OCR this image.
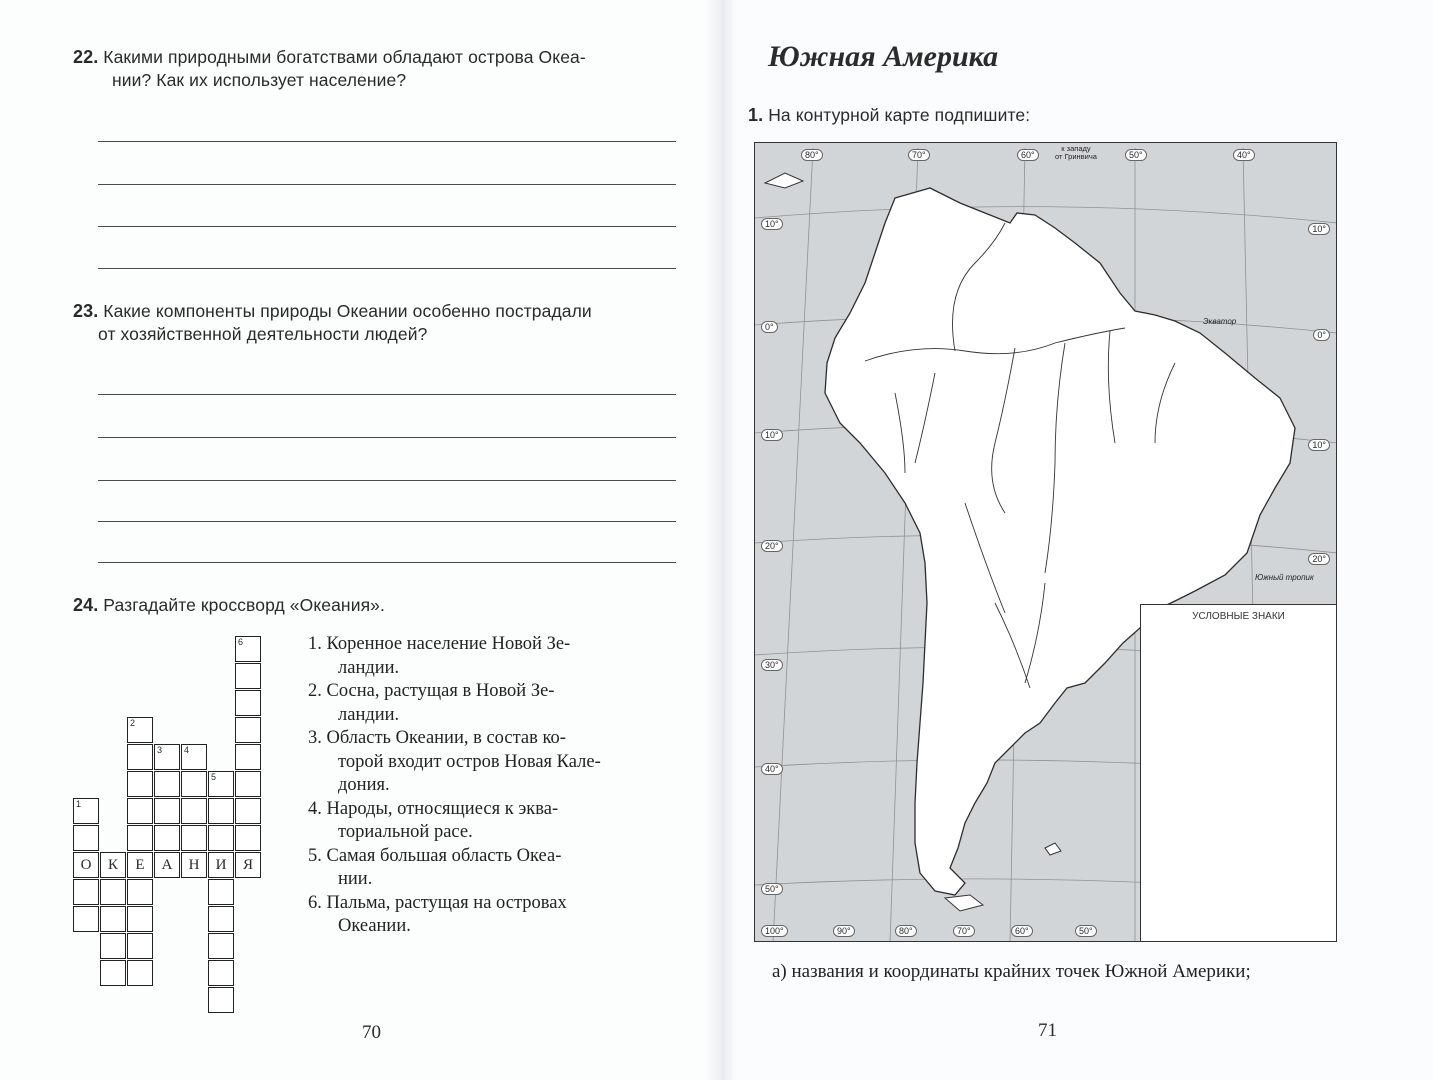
22. Какими природными богатствами обладают острова Океа-
нии? Как их использует население?
23. Какие компоненты природы Океании особенно пострадали
от хозяйственной деятельности людей?
24. Разгадайте кроссворд «Океания».
6
2
3 4
5
1
О	К	Е	А	Н	И	Я
1. Коренное население Новой Зе-
ландии.
2. Сосна, растущая в Новой Зе-
ландии.
3. Область Океании, в состав ко-
торой входит остров Новая Кале-
дония.
4. Народы, относящиеся к эква-
ториальной расе.
5. Самая большая область Океа-
нии.
6. Пальма, растущая на островах
Океании.
70
Южная Америка
1. На контурной карте подпишите:
80°	70°	60°	50°	40°
к западу
от Гринвича
10°
0°
10°
20°
30°
40°
50°
10°
0°
10°
20°
Экватор
Южный тропик
100°	90°	80°	70°	60°	50°
УСЛОВНЫЕ ЗНАКИ
а) названия и координаты крайних точек Южной Америки;
71
